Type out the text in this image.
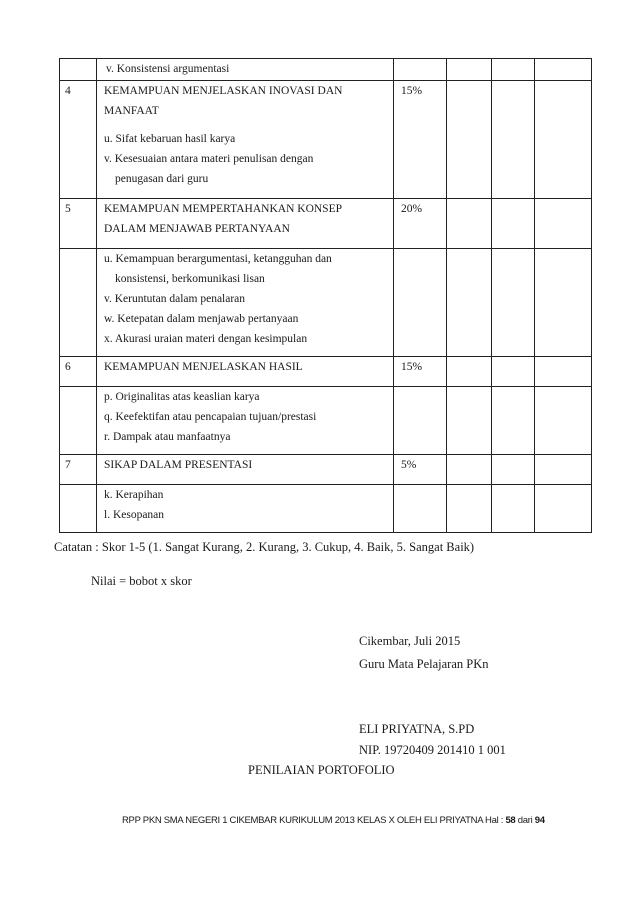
	v. Konsistensi argumentasi				
4	KEMAMPUAN MENJELASKAN INOVASI DAN
MANFAAT
u. Sifat kebaruan hasil karya
v. Kesesuaian antara materi penulisan dengan
penugasan dari guru	15%			
5	KEMAMPUAN MEMPERTAHANKAN KONSEP
DALAM MENJAWAB PERTANYAAN	20%			

	u. Kemampuan berargumentasi, ketangguhan dan
konsistensi, berkomunikasi lisan
v. Keruntutan dalam penalaran
w. Ketepatan dalam menjawab pertanyaan
x. Akurasi uraian materi dengan kesimpulan				

6	KEMAMPUAN MENJELASKAN HASIL	15%			

	p. Originalitas atas keaslian karya
q. Keefektifan atau pencapaian tujuan/prestasi
r. Dampak atau manfaatnya				

7	SIKAP DALAM PRESENTASI	5%			

	k. Kerapihan
l. Kesopanan				

Catatan : Skor 1-5 (1. Sangat Kurang, 2. Kurang, 3. Cukup, 4. Baik, 5. Sangat Baik)
Nilai = bobot x skor
Cikembar, Juli 2015
Guru Mata Pelajaran PKn
ELI PRIYATNA, S.PD
NIP. 19720409 201410 1 001
PENILAIAN PORTOFOLIO
RPP PKN SMA NEGERI 1 CIKEMBAR KURIKULUM 2013 KELAS X OLEH ELI PRIYATNA Hal : 58 dari 94
